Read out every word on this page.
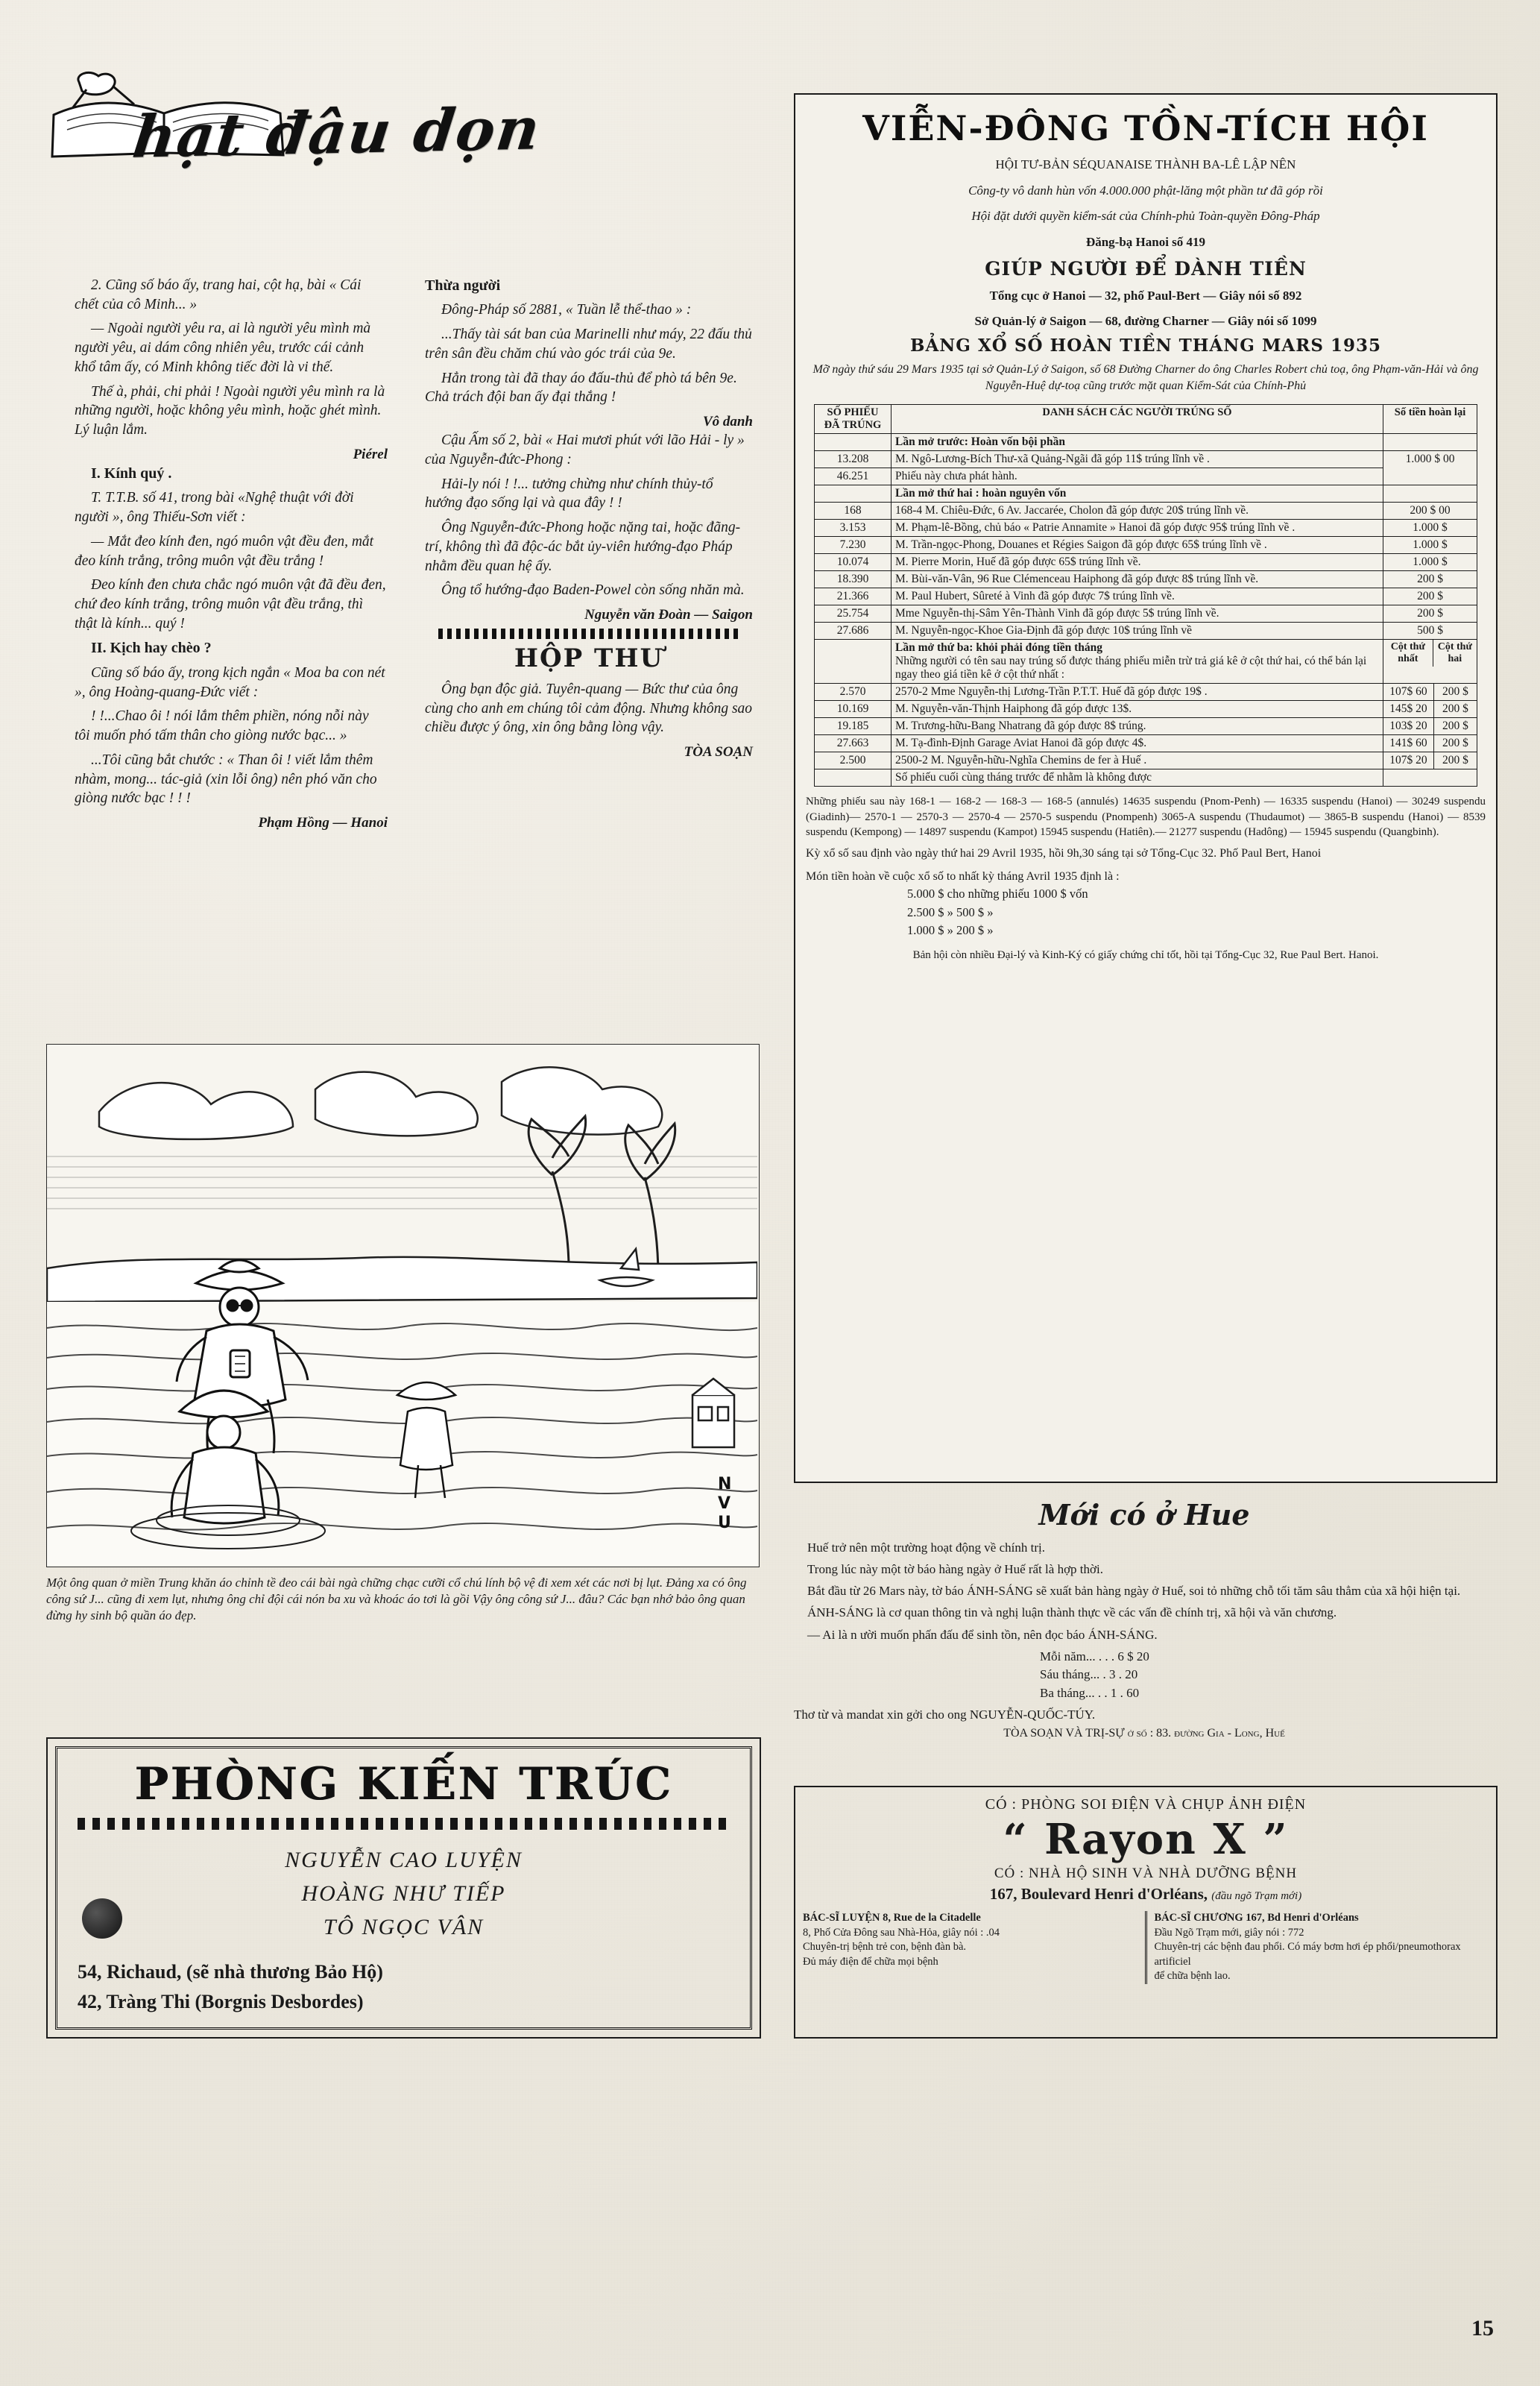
hạt đậu dọn

2. Cũng số báo ấy, trang hai, cột hạ, bài « Cái chết của cô Minh... »

— Ngoài người yêu ra, ai là người yêu mình mà người yêu, ai dám công nhiên yêu, trước cái cảnh khổ tâm ấy, có Minh không tiếc đời là vi thế.

Thế à, phải, chi phải ! Ngoài người yêu mình ra là những người, hoặc không yêu mình, hoặc ghét mình. Lý luận lắm.

Piérel

I. Kính quý .

T. T.T.B. số 41, trong bài «Nghệ thuật với đời người », ông Thiếu-Sơn viết :

— Mắt đeo kính đen, ngó muôn vật đều đen, mắt đeo kính trắng, trông muôn vật đều trắng !

Đeo kính đen chưa chắc ngó muôn vật đã đều đen, chứ đeo kính trắng, trông muôn vật đều trắng, thì thật là kính... quý !

II. Kịch hay chèo ?

Cũng số báo ấy, trong kịch ngắn « Moa ba con nét », ông Hoàng-quang-Đức viết :

! !...Chao ôi ! nói lắm thêm phiền, nóng nỗi này tôi muốn phó tấm thân cho giòng nước bạc... »

...Tôi cũng bắt chước : « Than ôi ! viết lắm thêm nhàm, mong... tác-giả (xin lỗi ông) nên phó văn cho giòng nước bạc ! ! !

Phạm Hồng — Hanoi

Thừa người

Đông-Pháp số 2881, « Tuần lễ thể-thao » :

...Thấy tài sát ban của Marinelli như máy, 22 đấu thủ trên sân đều chăm chú vào góc trái của 9e.

Hẳn trong tài đã thay áo đấu-thủ để phò tá bên 9e. Chả trách đội ban ấy đại thắng !

Vô danh

Cậu Ấm số 2, bài « Hai mươi phút với lão Hải - ly » của Nguyễn-đức-Phong :

Hải-ly nói ! !... tưởng chừng như chính thủy-tổ hướng đạo sống lại và qua đây ! !

Ông Nguyễn-đức-Phong hoặc nặng tai, hoặc đãng-trí, không thì đã độc-ác bắt ủy-viên hướng-đạo Pháp nhằm đều quan hệ ấy.

Ông tổ hướng-đạo Baden-Powel còn sống nhăn mà.

Nguyễn văn Đoàn — Saigon
HỘP THƯ

Ông bạn độc giả. Tuyên-quang — Bức thư của ông cùng cho anh em chúng tôi cảm động. Nhưng không sao chiều được ý ông, xin ông bằng lòng vậy.

TÒA SOẠN
N
V
U
Một ông quan ở miền Trung khăn áo chỉnh tề đeo cái bài ngà chững chạc cưỡi cổ chú lính bộ vệ đi xem xét các nơi bị lụt. Đảng xa có ông công sứ J... cũng đi xem lụt, nhưng ông chỉ đội cái nón ba xu và khoác áo tơi là gồi Vậy ông công sứ J... đâu? Các bạn nhớ bảo ông quan đừng hy sinh bộ quần áo đẹp.
PHÒNG KIẾN TRÚC
NGUYỄN CAO LUYỆN
HOÀNG NHƯ TIẾP
TÔ NGỌC VÂN
54, Richaud, (sẽ nhà thương Bảo Hộ)
42, Tràng Thi (Borgnis Desbordes)
VIỄN-ĐÔNG TỒN-TÍCH HỘI
HỘI TƯ-BẢN SÉQUANAISE THÀNH BA-LÊ LẬP NÊN
Công-ty vô danh hùn vốn 4.000.000 phật-lăng một phần tư đã góp rồi
Hội đặt dưới quyền kiểm-sát của Chính-phủ Toàn-quyền Đông-Pháp
Đăng-bạ Hanoi số 419
GIÚP NGƯỜI ĐỂ DÀNH TIỀN
Tổng cục ở Hanoi — 32, phố Paul-Bert — Giây nói số 892
Sở Quản-lý ở Saigon — 68, đường Charner — Giây nói số 1099
BẢNG XỔ SỐ HOÀN TIỀN THÁNG MARS 1935
Mỡ ngày thứ sáu 29 Mars 1935 tại sở Quản-Lý ở Saigon, số 68 Đường Charner do ông Charles Robert chủ toạ, ông Phạm-văn-Hải và ông Nguyễn-Huệ dự-toạ cũng trước mặt quan Kiểm-Sát của Chính-Phủ
SỐ PHIẾU ĐÃ TRÚNG	DANH SÁCH CÁC NGƯỜI TRÚNG SỐ	Số tiền hoàn lại
	Lần mở trước: Hoàn vốn bội phần	
13.208	M. Ngô-Lương-Bích Thư-xã Quảng-Ngãi đã góp 11$ trúng lĩnh về .	1.000 $ 00
46.251	Phiếu này chưa phát hành.
	Lần mở thứ hai : hoàn nguyên vốn	
168	168-4 M. Chiêu-Đức, 6 Av. Jaccarée, Cholon đã góp được 20$ trúng lĩnh về.	200 $ 00
3.153	M. Phạm-lê-Bồng, chủ báo « Patrie Annamite » Hanoi đã góp được 95$ trúng lĩnh về .	1.000 $
7.230	M. Trần-ngọc-Phong, Douanes et Régies Saigon đã góp được 65$ trúng lĩnh về .	1.000 $
10.074	M. Pierre Morin, Huế đã góp được 65$ trúng lĩnh về.	1.000 $
18.390	M. Bùi-văn-Vân, 96 Rue Clémenceau Haiphong đã góp được 8$ trúng lĩnh về.	200 $
21.366	M. Paul Hubert, Sûreté à Vinh đã góp được 7$ trúng lĩnh về.	200 $
25.754	Mme Nguyễn-thị-Sâm Yên-Thành Vinh đã góp được 5$ trúng lĩnh về.	200 $
27.686	M. Nguyễn-ngọc-Khoe Gia-Định đã góp được 10$ trúng lĩnh về	500 $

Lần mở thứ ba: khỏi phải đóng tiền tháng
Những người có tên sau nay trúng số được tháng phiếu miễn trừ trả giá kê ở cột thứ hai, có thể bán lại ngay theo giá tiền kê ở cột thứ nhất :

Cột thứ nhất	Cột thứ hai

2.570	2570-2 Mme Nguyễn-thị Lương-Trần P.T.T. Huế đã góp được 19$ .		107$ 60	200 $

10.169	M. Nguyễn-văn-Thịnh Haiphong đã góp được 13$.		145$ 20	200 $

19.185	M. Trương-hữu-Bang Nhatrang đã góp được 8$ trúng.		103$ 20	200 $

27.663	M. Tạ-đình-Định Garage Aviat Hanoi đã góp được 4$.		141$ 60	200 $

2.500	2500-2 M. Nguyễn-hữu-Nghĩa Chemins de fer à Huế .		107$ 20	200 $

	Số phiếu cuối cùng tháng trước để nhằm là không được	
Những phiếu sau này 168-1 — 168-2 — 168-3 — 168-5 (annulés) 14635 suspendu (Pnom-Penh) — 16335 suspendu (Hanoi) — 30249 suspendu (Giadinh)— 2570-1 — 2570-3 — 2570-4 — 2570-5 suspendu (Pnompenh) 3065-A suspendu (Thudaumot) — 3865-B suspendu (Hanoi) — 8539 suspendu (Kempong) — 14897 suspendu (Kampot) 15945 suspendu (Hatiên).— 21277 suspendu (Hadông) — 15945 suspendu (Quangbinh).
Kỳ xổ số sau định vào ngày thứ hai 29 Avril 1935, hồi 9h,30 sáng tại sở Tổng-Cục 32. Phố Paul Bert, Hanoi
Món tiền hoàn về cuộc xổ số to nhất kỳ tháng Avril 1935 định là :
5.000 $ cho những phiếu 1000 $ vốn
2.500 $ » 500 $ »
1.000 $ » 200 $ »
Bản hội còn nhiều Đại-lý và Kinh-Ký có giấy chứng chỉ tốt, hồi tại Tổng-Cục 32, Rue Paul Bert. Hanoi.
Mới có ở Hue

Huế trở nên một trường hoạt động về chính trị.

Trong lúc này một tờ báo hàng ngày ở Huế rất là hợp thời.

Bắt đầu từ 26 Mars này, tờ báo ÁNH-SÁNG sẽ xuất bản hàng ngày ở Huế, soi tỏ những chỗ tối tăm sâu thẳm của xã hội hiện tại.

ÁNH-SÁNG là cơ quan thông tin và nghị luận thành thực về các vấn đề chính trị, xã hội và văn chương.

— Ai là n ười muốn phấn đấu để sinh tồn, nên đọc báo ÁNH-SÁNG.

Mỗi năm... . . . 6 $ 20
Sáu tháng... . 3 . 20
Ba tháng... . . 1 . 60
Thơ từ và mandat xin gởi cho ong NGUYỄN-QUỐC-TÚY.
TÒA SOẠN VÀ TRỊ-SỰ ở số : 83. đường Gia - Long, Huế
CÓ : PHÒNG SOI ĐIỆN VÀ CHỤP ẢNH ĐIỆN
“ Rayon X ”
CÓ : NHÀ HỘ SINH VÀ NHÀ DƯỠNG BỆNH
167, Boulevard Henri d'Orléans, (đầu ngõ Trạm mới)
BÁC-SĨ LUYỆN 8, Rue de la Citadelle
8, Phố Cửa Đông sau Nhà-Hỏa, giây nói : .04
Chuyên-trị bệnh trẻ con, bệnh đàn bà.
Đủ máy điện để chữa mọi bệnh
BÁC-SĨ CHƯƠNG 167, Bd Henri d'Orléans
Đầu Ngõ Trạm mới, giây nói : 772
Chuyên-trị các bệnh đau phổi. Có máy bơm hơi ép phổi/pneumothorax artificiel
để chữa bệnh lao.
15
